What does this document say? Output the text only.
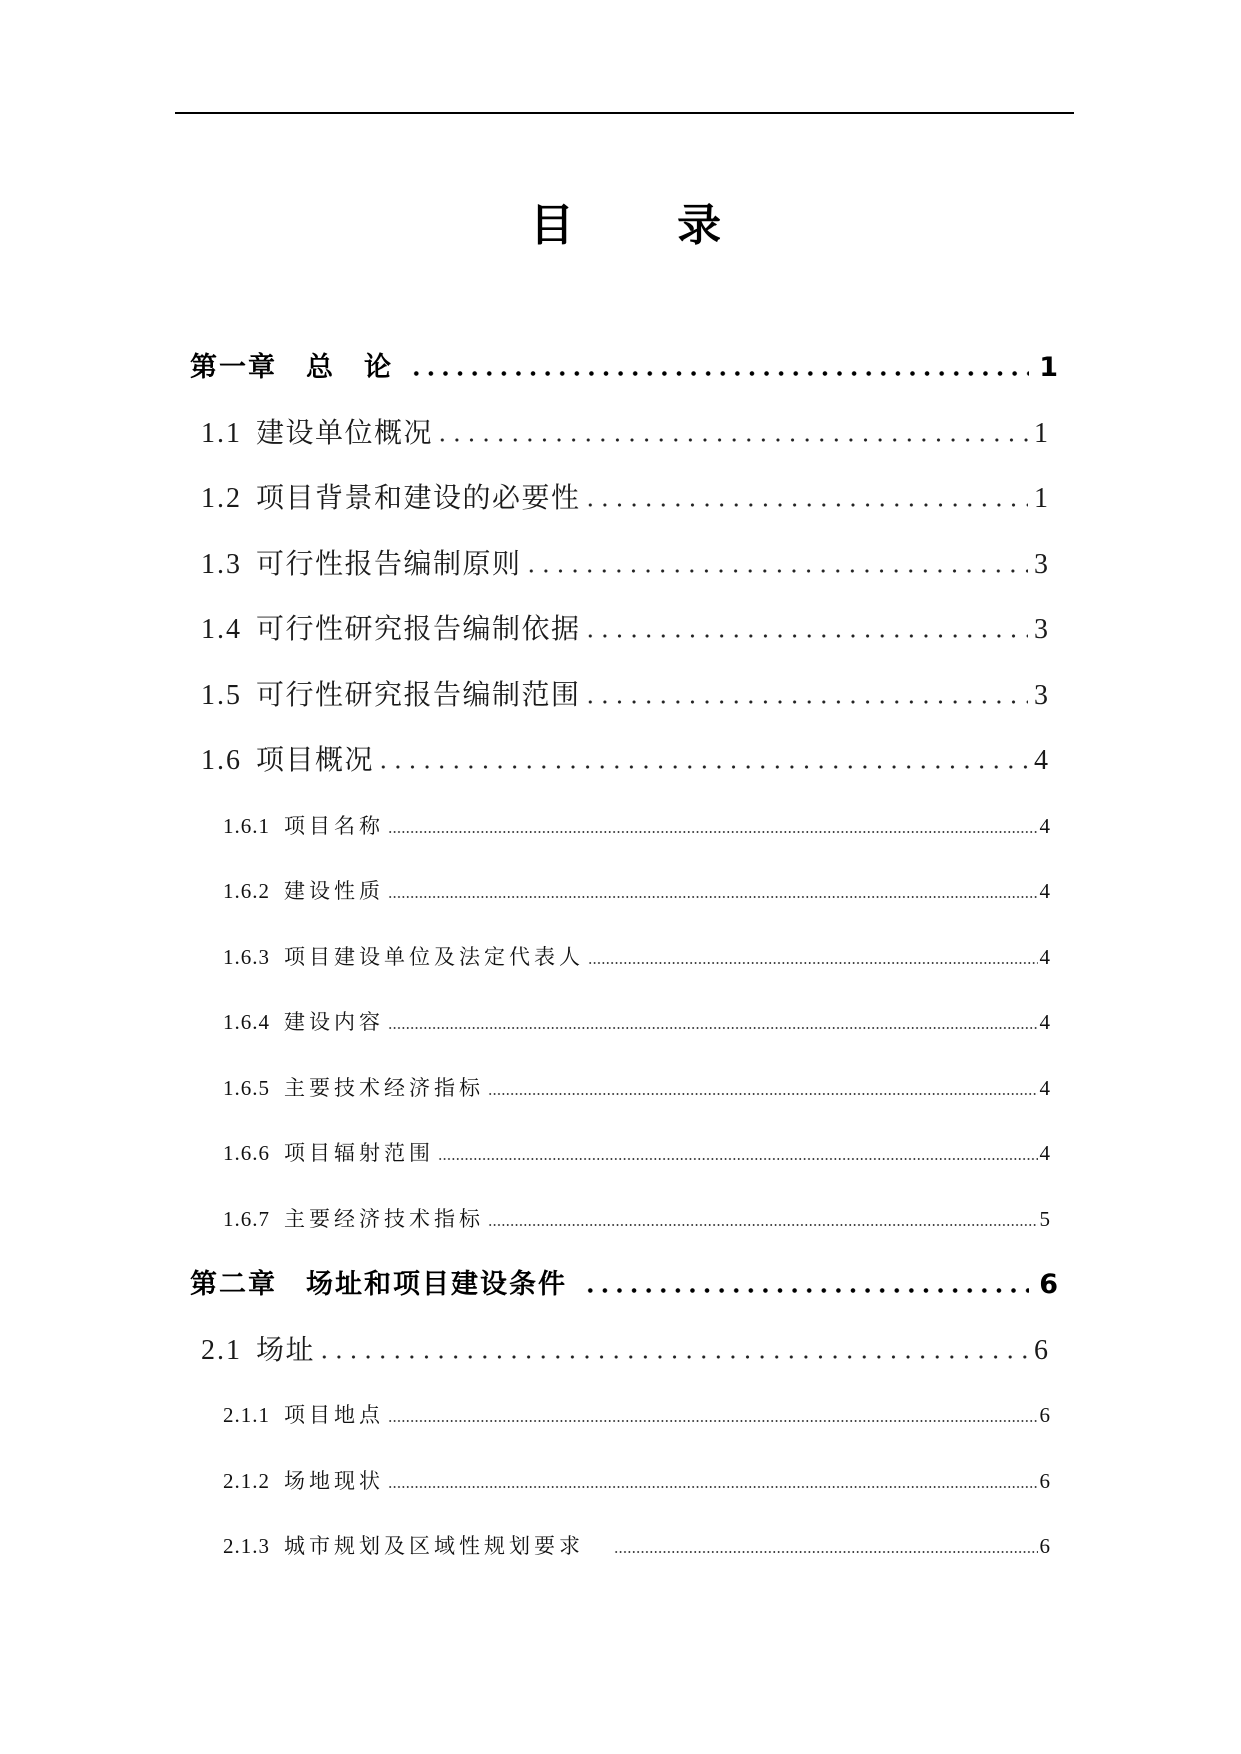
目 录
第一章　总　论	1
1.1 建设单位概况	1
1.2 项目背景和建设的必要性	1
1.3 可行性报告编制原则	3
1.4 可行性研究报告编制依据	3
1.5 可行性研究报告编制范围	3
1.6 项目概况	4
1.6.1 项目名称	4
1.6.2 建设性质	4
1.6.3 项目建设单位及法定代表人	4
1.6.4 建设内容	4
1.6.5 主要技术经济指标	4
1.6.6 项目辐射范围	4
1.6.7 主要经济技术指标	5
第二章　场址和项目建设条件	6
2.1 场址	6
2.1.1 项目地点	6
2.1.2 场地现状	6
2.1.3 城市规划及区域性规划要求	6
